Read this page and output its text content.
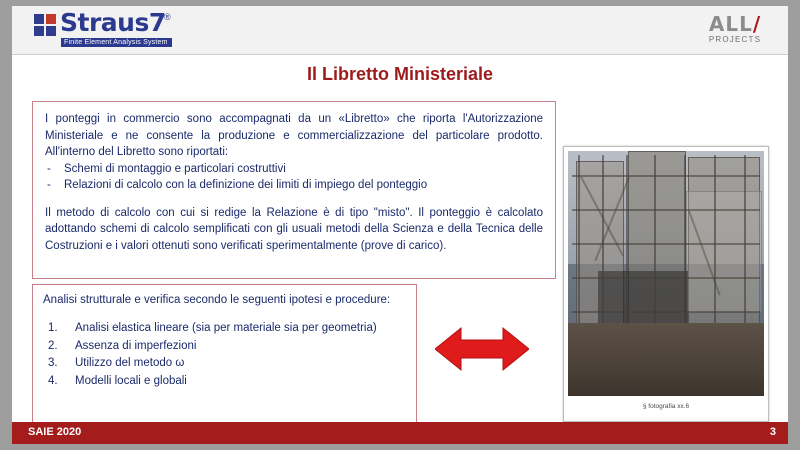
Straus7
®
Finite Element Analysis System
ALL/
PROJECTS
Il Libretto Ministeriale

I ponteggi in commercio sono accompagnati da un «Libretto» che riporta l'Autorizzazione Ministeriale e ne consente la produzione e commercializzazione del particolare prodotto. All'interno del Libretto sono riportati:

- Schemi di montaggio e particolari costruttivi
- Relazioni di calcolo con la definizione dei limiti di impiego del ponteggio

Il metodo di calcolo con cui si redige la Relazione è di tipo "misto". Il ponteggio è calcolato adottando schemi di calcolo semplificati con gli usuali metodi della Scienza e della Tecnica delle Costruzioni e i valori ottenuti sono verificati sperimentalmente (prove di carico).

Analisi strutturale e verifica secondo le seguenti ipotesi e procedure:

Analisi elastica lineare (sia per materiale sia per geometria)
Assenza di imperfezioni
Utilizzo del metodo ω
Modelli locali e globali
§ fotografia xx.6
SAIE 2020	3
